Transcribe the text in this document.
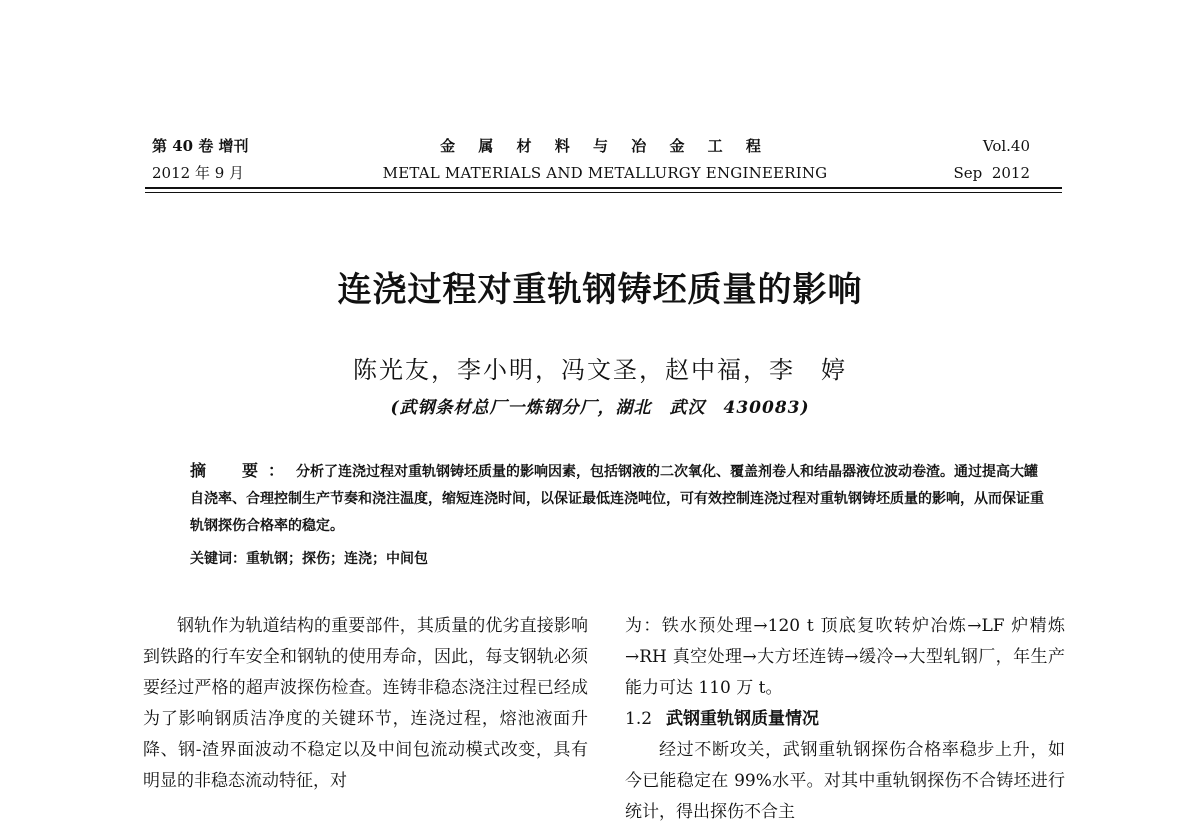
第 40 卷 增刊
2012 年 9 月
金 属 材 料 与 冶 金 工 程
METAL MATERIALS AND METALLURGY ENGINEERING
Vol.40
Sep  2012
连浇过程对重轨钢铸坯质量的影响
陈光友，李小明，冯文圣，赵中福，李　婷
(武钢条材总厂一炼钢分厂，湖北　武汉　430083)
摘　要： 分析了连浇过程对重轨钢铸坯质量的影响因素，包括钢液的二次氧化、覆盖剂卷人和结晶器液位波动卷渣。通过提高大罐自浇率、合理控制生产节奏和浇注温度，缩短连浇时间，以保证最低连浇吨位，可有效控制连浇过程对重轨钢铸坯质量的影响，从而保证重轨钢探伤合格率的稳定。
关键词：重轨钢；探伤；连浇；中间包

钢轨作为轨道结构的重要部件，其质量的优劣直接影响到铁路的行车安全和钢轨的使用寿命，因此，每支钢轨必须要经过严格的超声波探伤检查。连铸非稳态浇注过程已经成为了影响钢质洁净度的关键环节，连浇过程，熔池液面升降、钢-渣界面波动不稳定以及中间包流动模式改变，具有明显的非稳态流动特征，对

为：铁水预处理→120 t 顶底复吹转炉冶炼→LF 炉精炼→RH 真空处理→大方坯连铸→缓冷→大型轧钢厂，年生产能力可达 110 万 t。

1.2 武钢重轨钢质量情况

经过不断攻关，武钢重轨钢探伤合格率稳步上升，如今已能稳定在 99%水平。对其中重轨钢探伤不合铸坯进行统计，得出探伤不合主
